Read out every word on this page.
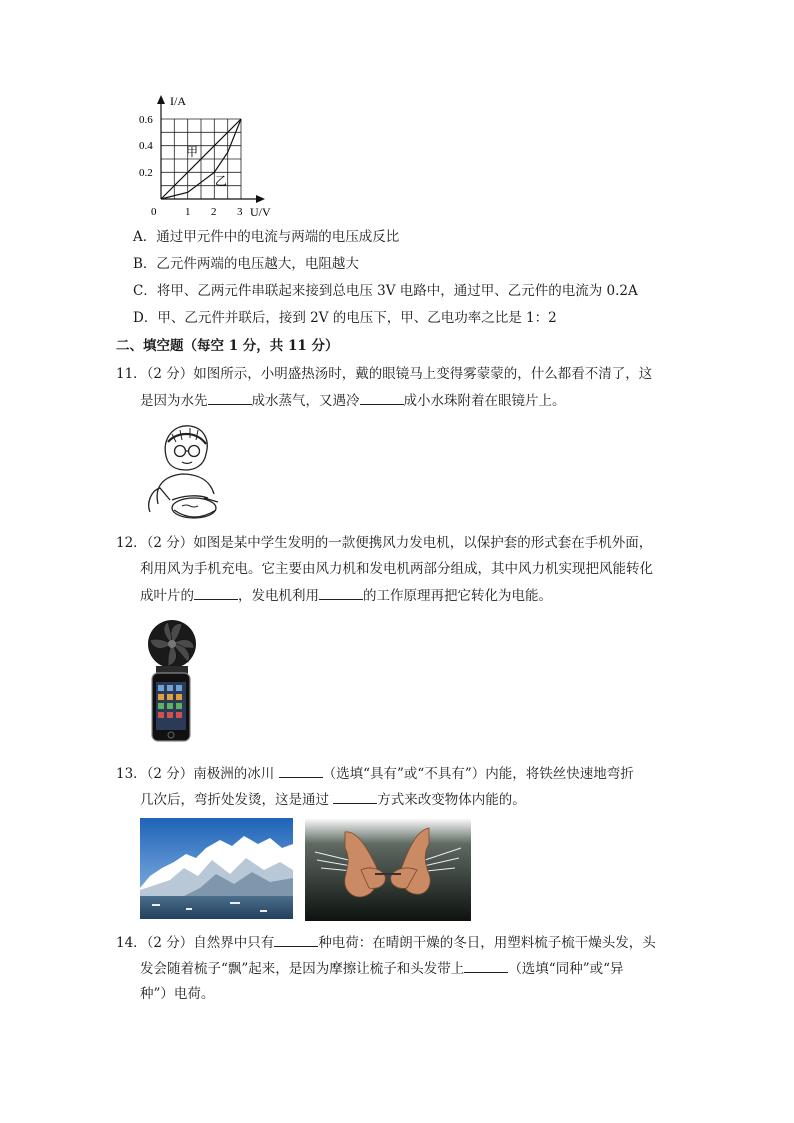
I/A
U/V
0
0.2
0.4
0.6
1 2 3
甲
乙
A．通过甲元件中的电流与两端的电压成反比
B．乙元件两端的电压越大，电阻越大
C．将甲、乙两元件串联起来接到总电压 3V 电路中，通过甲、乙元件的电流为 0.2A
D．甲、乙元件并联后，接到 2V 的电压下，甲、乙电功率之比是 1：2
二、填空题（每空 1 分，共 11 分）
11．（2 分）如图所示，小明盛热汤时，戴的眼镜马上变得雾蒙蒙的，什么都看不清了，这
是因为水先	成水蒸气，又遇冷	成小水珠附着在眼镜片上。
12．（2 分）如图是某中学生发明的一款便携风力发电机，以保护套的形式套在手机外面，
利用风为手机充电。它主要由风力机和发电机两部分组成，其中风力机实现把风能转化
成叶片的	，发电机利用	的工作原理再把它转化为电能。
13．（2 分）南极洲的冰川	（选填“具有”或“不具有”）内能，将铁丝快速地弯折
几次后，弯折处发烫，这是通过	方式来改变物体内能的。
14．（2 分）自然界中只有	种电荷：在晴朗干燥的冬日，用塑料梳子梳干燥头发，头
发会随着梳子“飘”起来，是因为摩擦让梳子和头发带上	（选填“同种”或“异
种”）电荷。
